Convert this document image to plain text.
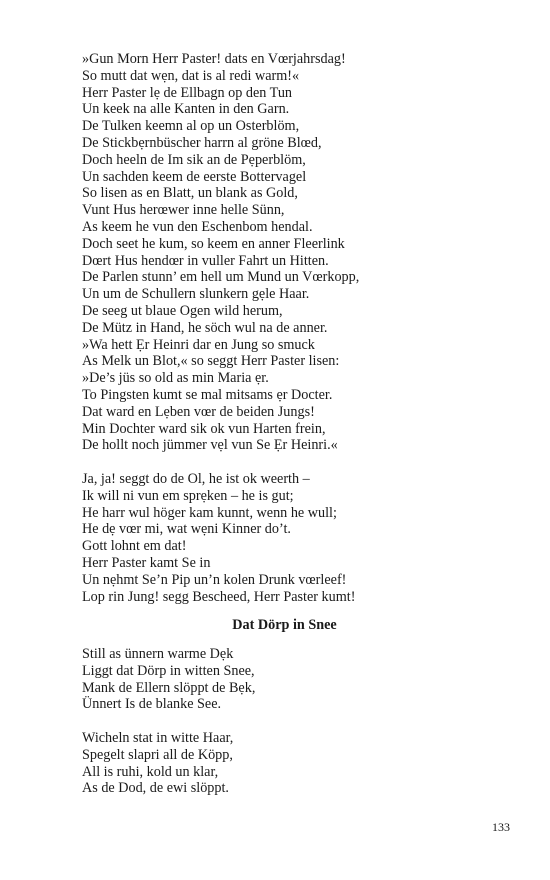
»Gun Morn Herr Paster! dats en Vœrjahrsdag!
So mutt dat wẹn, dat is al redi warm!«
Herr Paster lẹ de Ellbagn op den Tun
Un keek na alle Kanten in den Garn.
De Tulken keemn al op un Osterblöm,
De Stickbẹrnbüscher harrn al gröne Blœd,
Doch heeln de Im sik an de Pẹperblöm,
Un sachden keem de eerste Bottervagel
So lisen as en Blatt, un blank as Gold,
Vunt Hus herœwer inne helle Sünn,
As keem he vun den Eschenbom hendal.
Doch seet he kum, so keem en anner Fleerlink
Dœrt Hus hendœr in vuller Fahrt un Hitten.
De Parlen stunn’ em hell um Mund un Vœrkopp,
Un um de Schullern slunkern gẹle Haar.
De seeg ut blaue Ogen wild herum,
De Mütz in Hand, he söch wul na de anner.
»Wa hett Ẹr Heinri dar en Jung so smuck
As Melk un Blot,« so seggt Herr Paster lisen:
»De’s jüs so old as min Maria ẹr.
To Pingsten kumt se mal mitsams ẹr Docter.
Dat ward en Lẹben vœr de beiden Jungs!
Min Dochter ward sik ok vun Harten frein,
De hollt noch jümmer vẹl vun Se Ẹr Heinri.«
Ja, ja! seggt do de Ol, he ist ok weerth –
Ik will ni vun em sprẹken – he is gut;
He harr wul höger kam kunnt, wenn he wull;
He dẹ vœr mi, wat wẹni Kinner do’t.
Gott lohnt em dat!
Herr Paster kamt Se in
Un nẹhmt Se’n Pip un’n kolen Drunk vœrleef!
Lop rin Jung! segg Bescheed, Herr Paster kumt!
Dat Dörp in Snee
Still as ünnern warme Dẹk
Liggt dat Dörp in witten Snee,
Mank de Ellern slöppt de Bẹk,
Ünnert Is de blanke See.
Wicheln stat in witte Haar,
Spegelt slapri all de Köpp,
All is ruhi, kold un klar,
As de Dod, de ewi slöppt.
133
